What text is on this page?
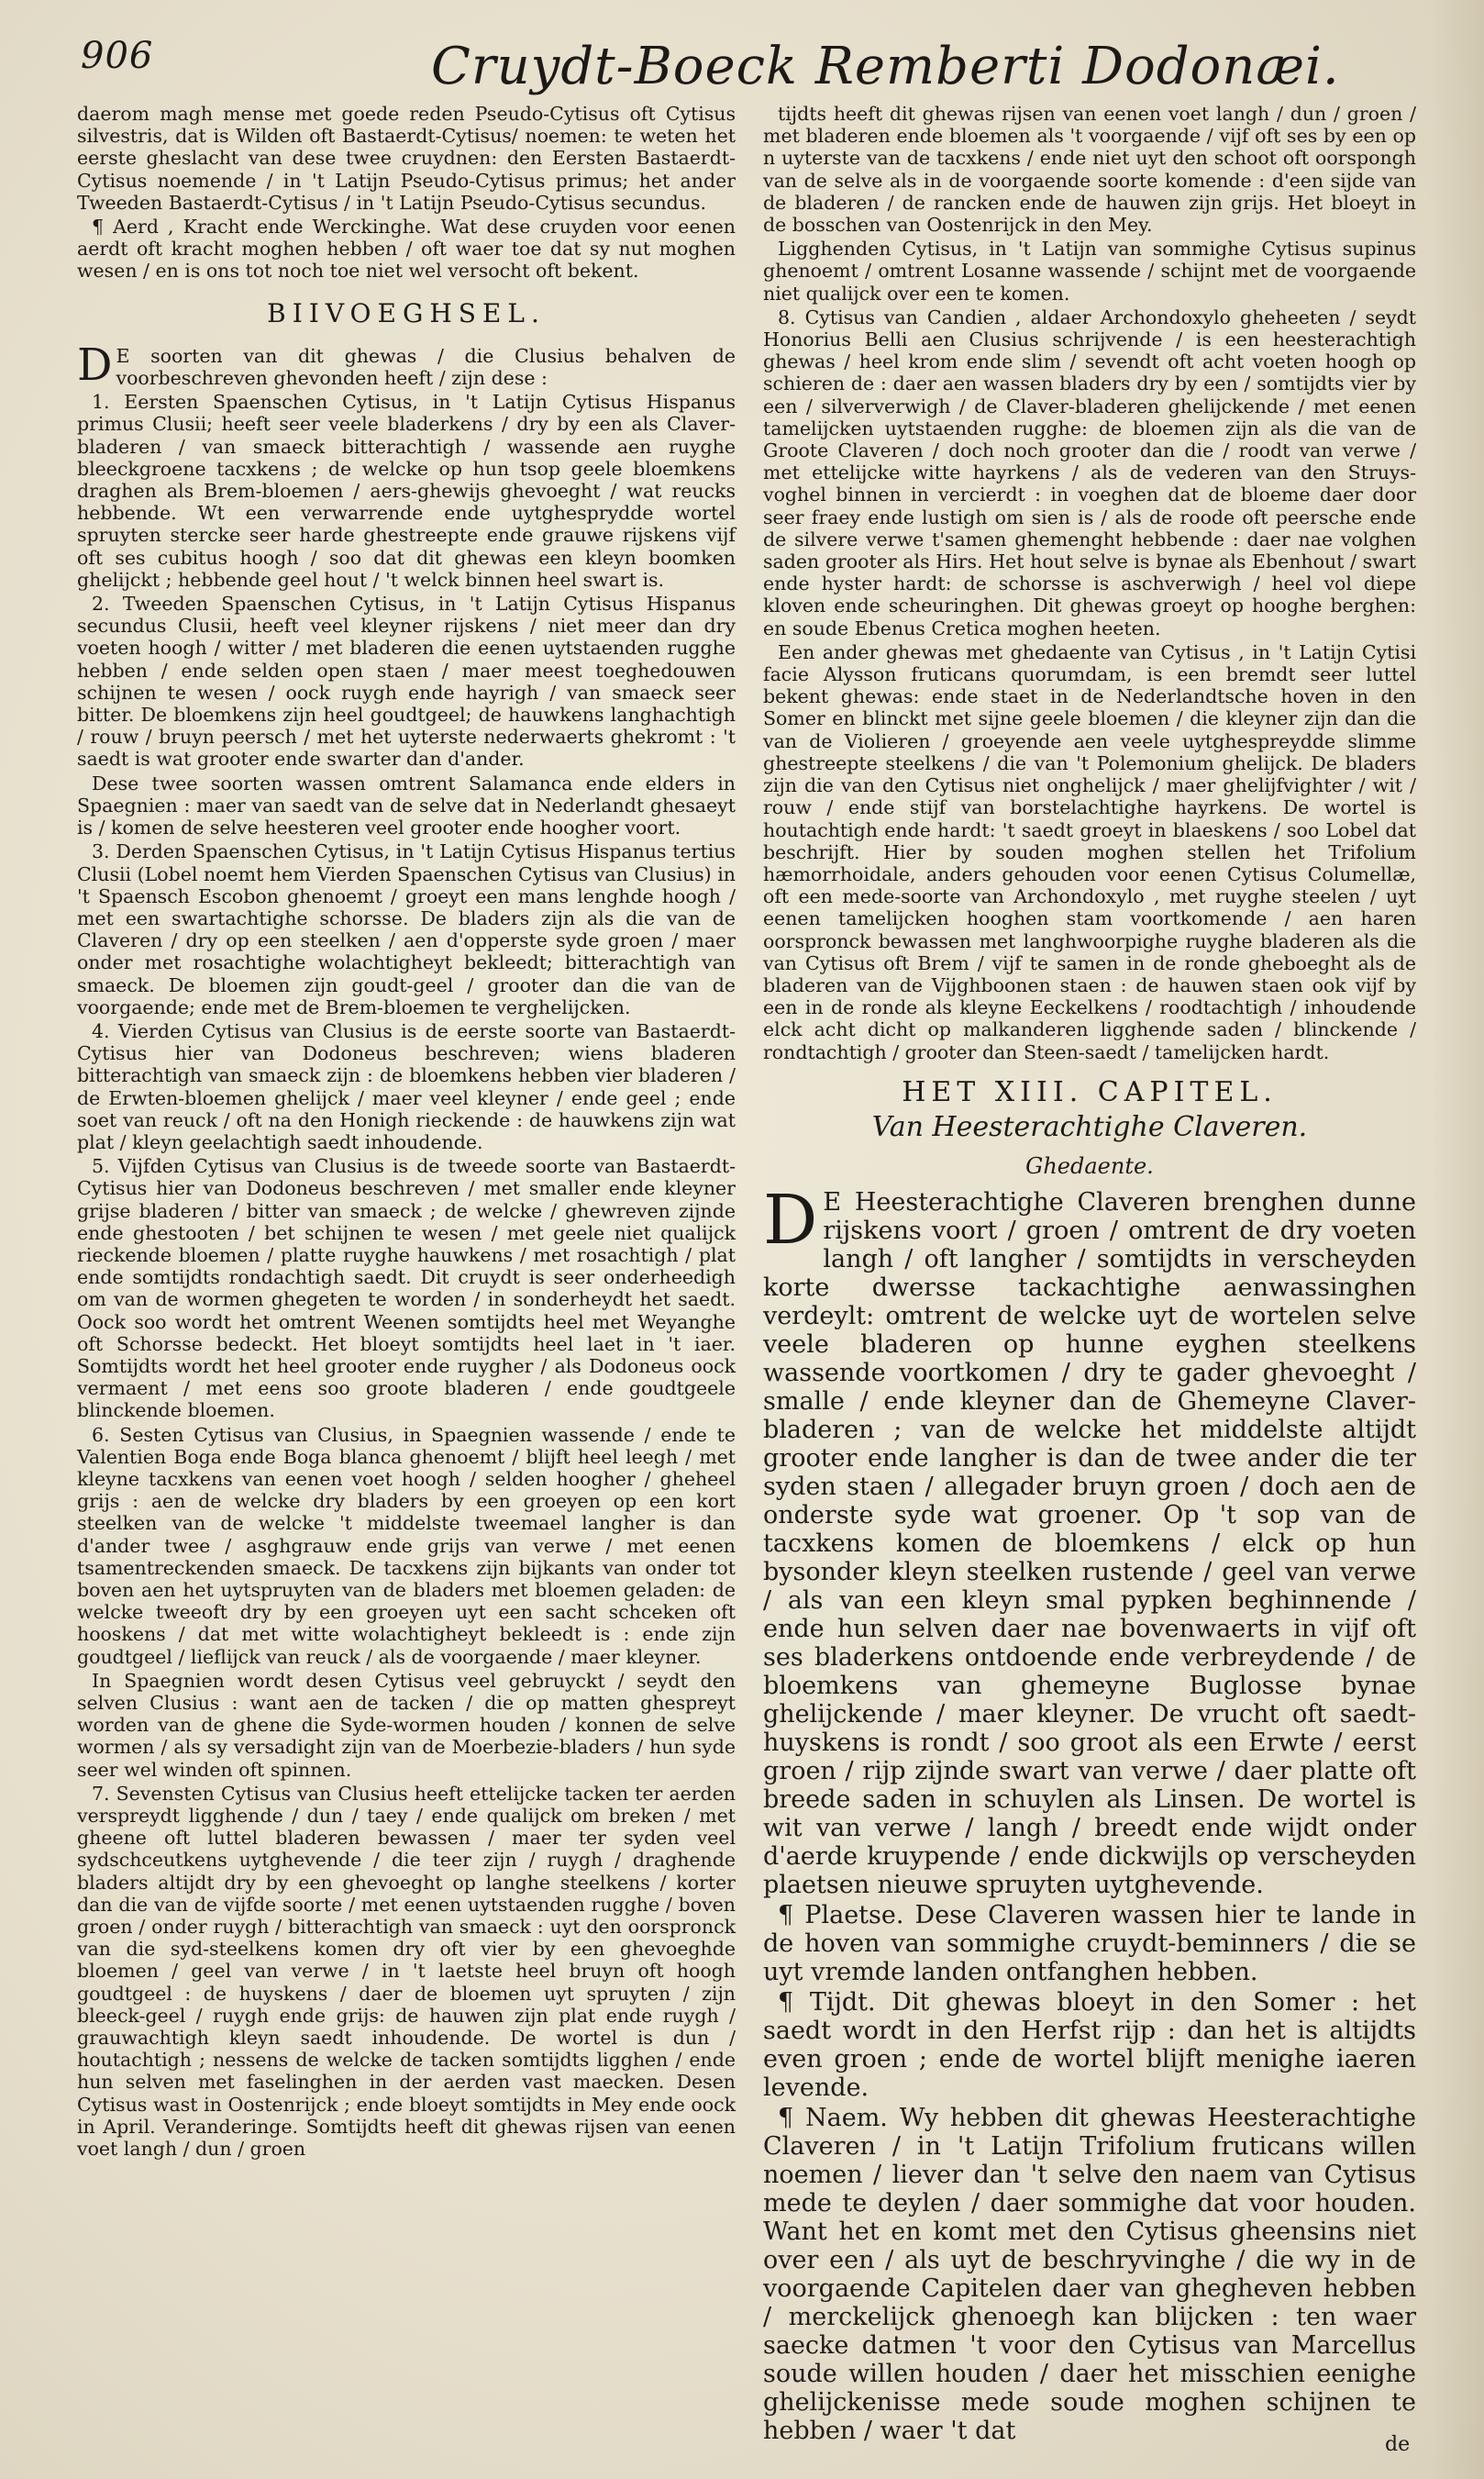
906	Cruydt-Boeck Remberti Dodonæi.

daerom magh mense met goede reden Pseudo-Cytisus oft Cytisus silvestris, dat is Wilden oft Bastaerdt-Cytisus/ noemen: te weten het eerste gheslacht van dese twee cruydnen: den Eersten Bastaerdt-Cytisus noemende / in 't Latijn Pseudo-Cytisus primus; het ander Tweeden Bastaerdt-Cytisus / in 't Latijn Pseudo-Cytisus secundus.

¶ Aerd , Kracht ende Werckinghe. Wat dese cruyden voor eenen aerdt oft kracht moghen hebben / oft waer toe dat sy nut moghen wesen / en is ons tot noch toe niet wel versocht oft bekent.

BIIVOEGHSEL.

D E soorten van dit ghewas / die Clusius behalven de voorbeschreven ghevonden heeft / zijn dese :

1. Eersten Spaenschen Cytisus, in 't Latijn Cytisus Hispanus primus Clusii; heeft seer veele bladerkens / dry by een als Claver-bladeren / van smaeck bitterachtigh / wassende aen ruyghe bleeckgroene tacxkens ; de welcke op hun tsop geele bloemkens draghen als Brem-bloemen / aers-ghewijs ghevoeght / wat reucks hebbende. Wt een verwarrende ende uytghesprydde wortel spruyten stercke seer harde ghestreepte ende grauwe rijskens vijf oft ses cubitus hoogh / soo dat dit ghewas een kleyn boomken ghelijckt ; hebbende geel hout / 't welck binnen heel swart is.

2. Tweeden Spaenschen Cytisus, in 't Latijn Cytisus Hispanus secundus Clusii, heeft veel kleyner rijskens / niet meer dan dry voeten hoogh / witter / met bladeren die eenen uytstaenden rugghe hebben / ende selden open staen / maer meest toeghedouwen schijnen te wesen / oock ruygh ende hayrigh / van smaeck seer bitter. De bloemkens zijn heel goudtgeel; de hauwkens langhachtigh / rouw / bruyn peersch / met het uyterste nederwaerts ghekromt : 't saedt is wat grooter ende swarter dan d'ander.

Dese twee soorten wassen omtrent Salamanca ende elders in Spaegnien : maer van saedt van de selve dat in Nederlandt ghesaeyt is / komen de selve heesteren veel grooter ende hoogher voort.

3. Derden Spaenschen Cytisus, in 't Latijn Cytisus Hispanus tertius Clusii (Lobel noemt hem Vierden Spaenschen Cytisus van Clusius) in 't Spaensch Escobon ghenoemt / groeyt een mans lenghde hoogh / met een swartachtighe schorsse. De bladers zijn als die van de Claveren / dry op een steelken / aen d'opperste syde groen / maer onder met rosachtighe wolachtigheyt bekleedt; bitterachtigh van smaeck. De bloemen zijn goudt-geel / grooter dan die van de voorgaende; ende met de Brem-bloemen te verghelijcken.

4. Vierden Cytisus van Clusius is de eerste soorte van Bastaerdt-Cytisus hier van Dodoneus beschreven; wiens bladeren bitterachtigh van smaeck zijn : de bloemkens hebben vier bladeren / de Erwten-bloemen ghelijck / maer veel kleyner / ende geel ; ende soet van reuck / oft na den Honigh rieckende : de hauwkens zijn wat plat / kleyn geelachtigh saedt inhoudende.

5. Vijfden Cytisus van Clusius is de tweede soorte van Bastaerdt-Cytisus hier van Dodoneus beschreven / met smaller ende kleyner grijse bladeren / bitter van smaeck ; de welcke / ghewreven zijnde ende ghestooten / bet schijnen te wesen / met geele niet qualijck rieckende bloemen / platte ruyghe hauwkens / met rosachtigh / plat ende somtijdts rondachtigh saedt. Dit cruydt is seer onderheedigh om van de wormen ghegeten te worden / in sonderheydt het saedt. Oock soo wordt het omtrent Weenen somtijdts heel met Weyanghe oft Schorsse bedeckt. Het bloeyt somtijdts heel laet in 't iaer. Somtijdts wordt het heel grooter ende ruygher / als Dodoneus oock vermaent / met eens soo groote bladeren / ende goudtgeele blinckende bloemen.

6. Sesten Cytisus van Clusius, in Spaegnien wassende / ende te Valentien Boga ende Boga blanca ghenoemt / blijft heel leegh / met kleyne tacxkens van eenen voet hoogh / selden hoogher / gheheel grijs : aen de welcke dry bladers by een groeyen op een kort steelken van de welcke 't middelste tweemael langher is dan d'ander twee / asghgrauw ende grijs van verwe / met eenen tsamentreckenden smaeck. De tacxkens zijn bijkants van onder tot boven aen het uytspruyten van de bladers met bloemen geladen: de welcke tweeoft dry by een groeyen uyt een sacht schceken oft hooskens / dat met witte wolachtigheyt bekleedt is : ende zijn goudtgeel / lieflijck van reuck / als de voorgaende / maer kleyner.

In Spaegnien wordt desen Cytisus veel gebruyckt / seydt den selven Clusius : want aen de tacken / die op matten ghespreyt worden van de ghene die Syde-wormen houden / konnen de selve wormen / als sy versadight zijn van de Moerbezie-bladers / hun syde seer wel winden oft spinnen.

7. Sevensten Cytisus van Clusius heeft ettelijcke tacken ter aerden verspreydt ligghende / dun / taey / ende qualijck om breken / met gheene oft luttel bladeren bewassen / maer ter syden veel sydschceutkens uytghevende / die teer zijn / ruygh / draghende bladers altijdt dry by een ghevoeght op langhe steelkens / korter dan die van de vijfde soorte / met eenen uytstaenden rugghe / boven groen / onder ruygh / bitterachtigh van smaeck : uyt den oorspronck van die syd-steelkens komen dry oft vier by een ghevoeghde bloemen / geel van verwe / in 't laetste heel bruyn oft hoogh goudtgeel : de huyskens / daer de bloemen uyt spruyten / zijn bleeck-geel / ruygh ende grijs: de hauwen zijn plat ende ruygh / grauwachtigh kleyn saedt inhoudende. De wortel is dun / houtachtigh ; nessens de welcke de tacken somtijdts ligghen / ende hun selven met faselinghen in der aerden vast maecken. Desen Cytisus wast in Oostenrijck ; ende bloeyt somtijdts in Mey ende oock in April. Veranderinge. Somtijdts heeft dit ghewas rijsen van eenen voet langh / dun / groen

tijdts heeft dit ghewas rijsen van eenen voet langh / dun / groen / met bladeren ende bloemen als 't voorgaende / vijf oft ses by een op n uyterste van de tacxkens / ende niet uyt den schoot oft oorspongh van de selve als in de voorgaende soorte komende : d'een sijde van de bladeren / de rancken ende de hauwen zijn grijs. Het bloeyt in de bosschen van Oostenrijck in den Mey.

Ligghenden Cytisus, in 't Latijn van sommighe Cytisus supinus ghenoemt / omtrent Losanne wassende / schijnt met de voorgaende niet qualijck over een te komen.

8. Cytisus van Candien , aldaer Archondoxylo gheheeten / seydt Honorius Belli aen Clusius schrijvende / is een heesterachtigh ghewas / heel krom ende slim / sevendt oft acht voeten hoogh op schieren de : daer aen wassen bladers dry by een / somtijdts vier by een / silververwigh / de Claver-bladeren ghelijckende / met eenen tamelijcken uytstaenden rugghe: de bloemen zijn als die van de Groote Claveren / doch noch grooter dan die / roodt van verwe / met ettelijcke witte hayrkens / als de vederen van den Struys-voghel binnen in vercierdt : in voeghen dat de bloeme daer door seer fraey ende lustigh om sien is / als de roode oft peersche ende de silvere verwe t'samen ghemenght hebbende : daer nae volghen saden grooter als Hirs. Het hout selve is bynae als Ebenhout / swart ende hyster hardt: de schorsse is aschverwigh / heel vol diepe kloven ende scheuringhen. Dit ghewas groeyt op hooghe berghen: en soude Ebenus Cretica moghen heeten.

Een ander ghewas met ghedaente van Cytisus , in 't Latijn Cytisi facie Alysson fruticans quorumdam, is een bremdt seer luttel bekent ghewas: ende staet in de Nederlandtsche hoven in den Somer en blinckt met sijne geele bloemen / die kleyner zijn dan die van de Violieren / groeyende aen veele uytghespreydde slimme ghestreepte steelkens / die van 't Polemonium ghelijck. De bladers zijn die van den Cytisus niet onghelijck / maer ghelijfvighter / wit / rouw / ende stijf van borstelachtighe hayrkens. De wortel is houtachtigh ende hardt: 't saedt groeyt in blaeskens / soo Lobel dat beschrijft. Hier by souden moghen stellen het Trifolium hæmorrhoidale, anders gehouden voor eenen Cytisus Columellæ, oft een mede-soorte van Archondoxylo , met ruyghe steelen / uyt eenen tamelijcken hooghen stam voortkomende / aen haren oorspronck bewassen met langhwoorpighe ruyghe bladeren als die van Cytisus oft Brem / vijf te samen in de ronde gheboeght als de bladeren van de Vijghboonen staen : de hauwen staen ook vijf by een in de ronde als kleyne Eeckelkens / roodtachtigh / inhoudende elck acht dicht op malkanderen ligghende saden / blinckende / rondtachtigh / grooter dan Steen-saedt / tamelijcken hardt.

HET XIII. CAPITEL.
Van Heesterachtighe Claveren.
Ghedaente.

D E Heesterachtighe Claveren brenghen dunne rijskens voort / groen / omtrent de dry voeten langh / oft langher / somtijdts in verscheyden korte dwersse tackachtighe aenwassinghen verdeylt: omtrent de welcke uyt de wortelen selve veele bladeren op hunne eyghen steelkens wassende voortkomen / dry te gader ghevoeght / smalle / ende kleyner dan de Ghemeyne Claver-bladeren ; van de welcke het middelste altijdt grooter ende langher is dan de twee ander die ter syden staen / allegader bruyn groen / doch aen de onderste syde wat groener. Op 't sop van de tacxkens komen de bloemkens / elck op hun bysonder kleyn steelken rustende / geel van verwe / als van een kleyn smal pypken beghinnende / ende hun selven daer nae bovenwaerts in vijf oft ses bladerkens ontdoende ende verbreydende / de bloemkens van ghemeyne Buglosse bynae ghelijckende / maer kleyner. De vrucht oft saedt-huyskens is rondt / soo groot als een Erwte / eerst groen / rijp zijnde swart van verwe / daer platte oft breede saden in schuylen als Linsen. De wortel is wit van verwe / langh / breedt ende wijdt onder d'aerde kruypende / ende dickwijls op verscheyden plaetsen nieuwe spruyten uytghevende.

¶ Plaetse. Dese Claveren wassen hier te lande in de hoven van sommighe cruydt-beminners / die se uyt vremde landen ontfanghen hebben.

¶ Tijdt. Dit ghewas bloeyt in den Somer : het saedt wordt in den Herfst rijp : dan het is altijdts even groen ; ende de wortel blijft menighe iaeren levende.

¶ Naem. Wy hebben dit ghewas Heesterachtighe Claveren / in 't Latijn Trifolium fruticans willen noemen / liever dan 't selve den naem van Cytisus mede te deylen / daer sommighe dat voor houden. Want het en komt met den Cytisus gheensins niet over een / als uyt de beschryvinghe / die wy in de voorgaende Capitelen daer van ghegheven hebben / merckelijck ghenoegh kan blijcken : ten waer saecke datmen 't voor den Cytisus van Marcellus soude willen houden / daer het misschien eenighe ghelijckenisse mede soude moghen schijnen te hebben / waer 't dat	de
